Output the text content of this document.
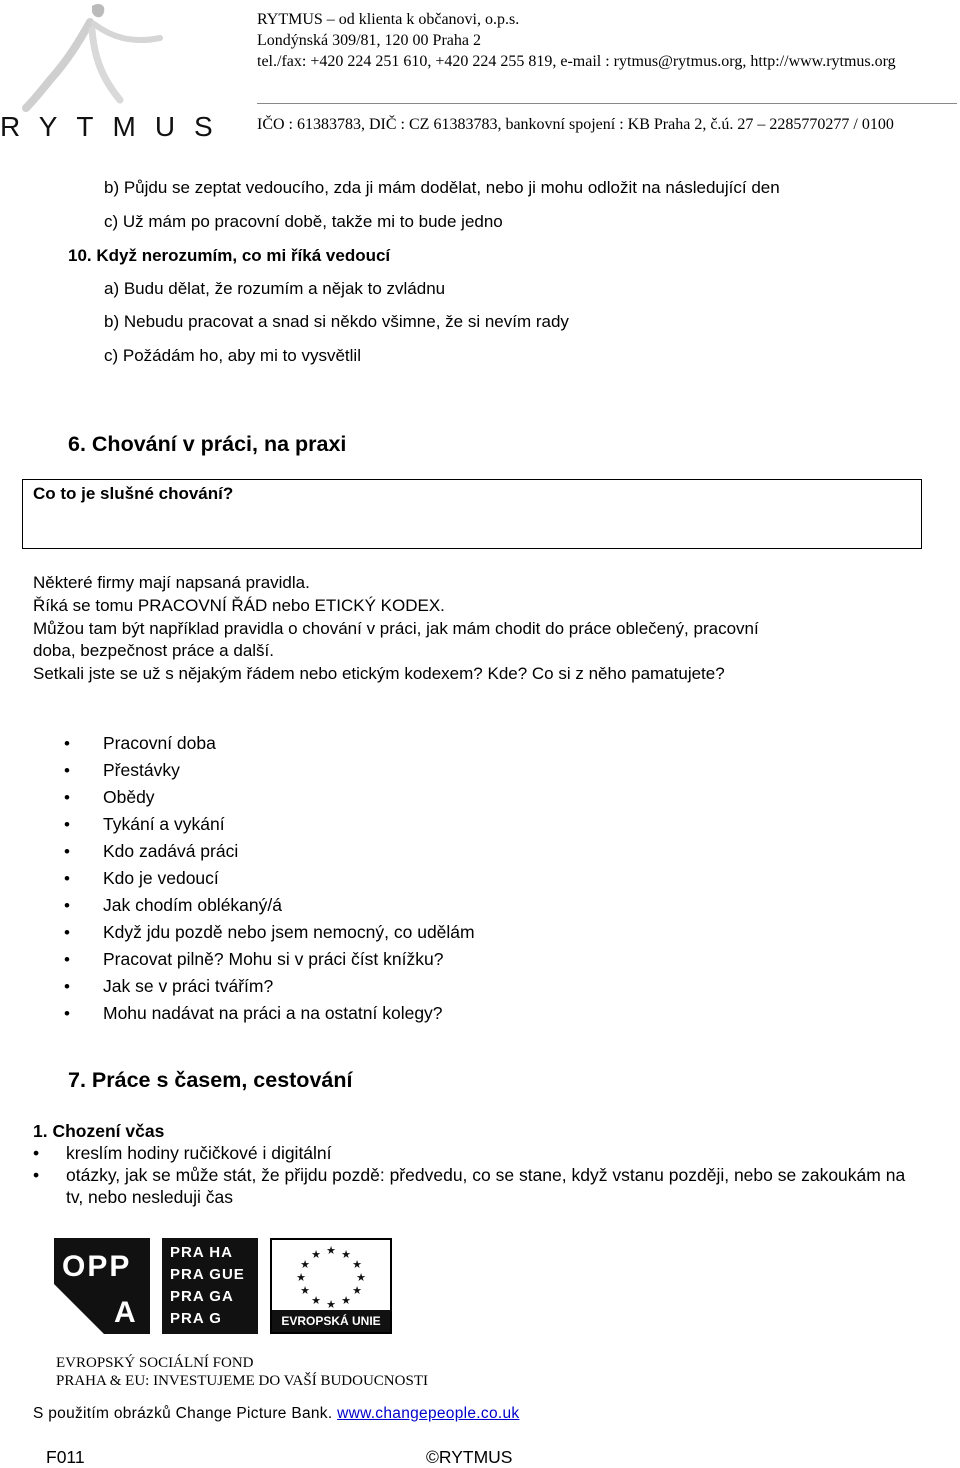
RYTMUS
RYTMUS – od klienta k občanovi, o.p.s.
Londýnská 309/81, 120 00 Praha 2
tel./fax: +420 224 251 610, +420 224 255 819, e-mail : rytmus@rytmus.org, http://www.rytmus.org
IČO : 61383783, DIČ : CZ 61383783, bankovní spojení : KB Praha 2, č.ú. 27 – 2285770277 / 0100
b) Půjdu se zeptat vedoucího, zda ji mám dodělat, nebo ji mohu odložit na následující den
c) Už mám po pracovní době, takže mi to bude jedno
10. Když nerozumím, co mi říká vedoucí
a) Budu dělat, že rozumím a nějak to zvládnu
b) Nebudu pracovat a snad si někdo všimne, že si nevím rady
c) Požádám ho, aby mi to vysvětlil
6. Chování v práci, na praxi
Co to je slušné chování?
Některé firmy mají napsaná pravidla.
Říká se tomu PRACOVNÍ ŘÁD nebo ETICKÝ KODEX.
Můžou tam být například pravidla o chování v práci, jak mám chodit do práce oblečený, pracovní
doba, bezpečnost práce a další.
Setkali jste se už s nějakým řádem nebo etickým kodexem? Kde? Co si z něho pamatujete?
• Pracovní doba
• Přestávky
• Obědy
• Tykání a vykání
• Kdo zadává práci
• Kdo je vedoucí
• Jak chodím oblékaný/á
• Když jdu pozdě nebo jsem nemocný, co udělám
• Pracovat pilně? Mohu si v práci číst knížku?
• Jak se v práci tvářím?
• Mohu nadávat na práci a na ostatní kolegy?
7. Práce s časem, cestování
1. Chození včas
• kreslím hodiny ručičkové i digitální
• otázky, jak se může stát, že přijdu pozdě: předvedu, co se stane, když vstanu později, nebo se zakoukám na tv, nebo nesleduji čas
OPP
A
PRA HA
PRA GUE
PRA GA
PRA G
★ ★
★
★
★
★
★
★
★
★
★
★
EVROPSKÁ UNIE
EVROPSKÝ SOCIÁLNÍ FOND
PRAHA & EU: INVESTUJEME DO VAŠÍ BUDOUCNOSTI
S použitím obrázků Change Picture Bank. www.changepeople.co.uk
F011	©RYTMUS
